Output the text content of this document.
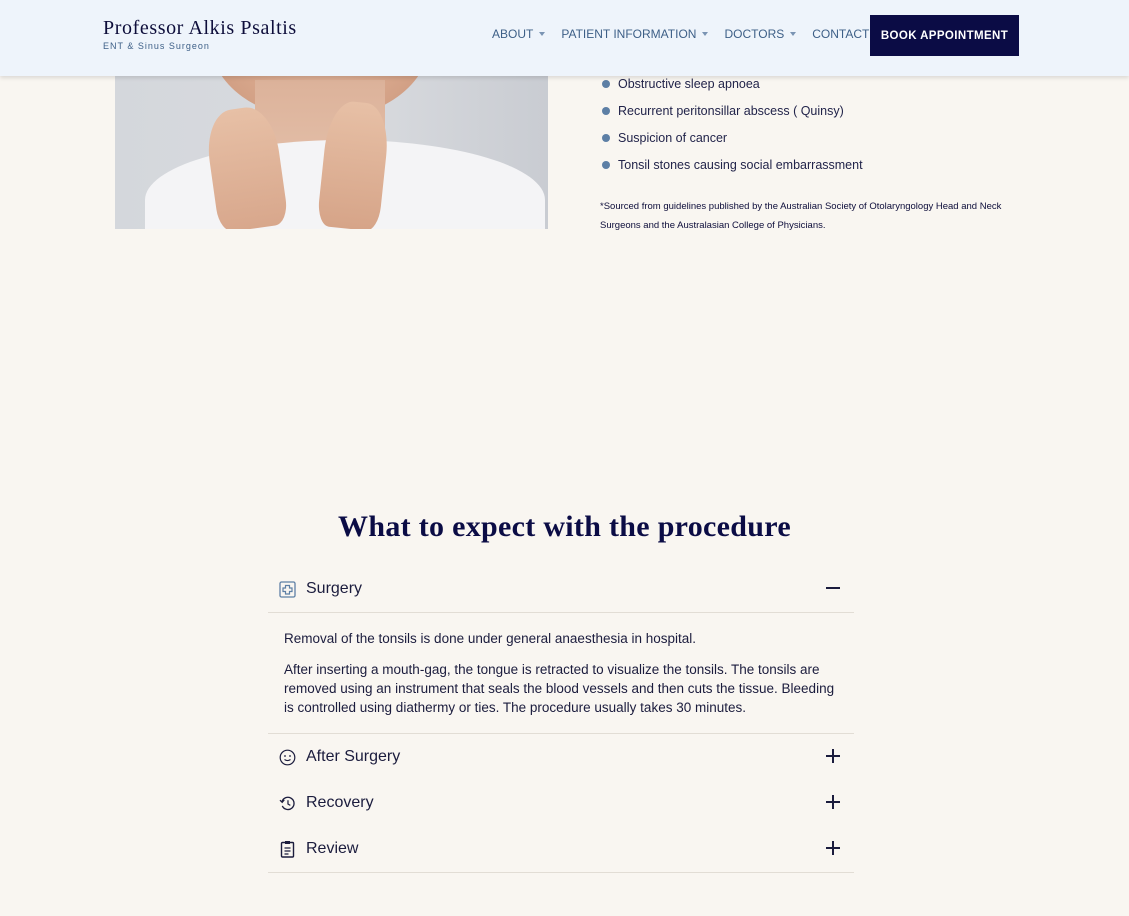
Professor Alkis Psaltis
ENT & Sinus Surgeon
ABOUT PATIENT INFORMATION DOCTORS CONTACT BOOK APPOINTMENT
Obstructive sleep apnoea
Recurrent peritonsillar abscess ( Quinsy)
Suspicion of cancer
Tonsil stones causing social embarrassment
*Sourced from guidelines published by the Australian Society of Otolaryngology Head and Neck Surgeons and the Australasian College of Physicians.
What to expect with the procedure
Surgery

Removal of the tonsils is done under general anaesthesia in hospital.

After inserting a mouth-gag, the tongue is retracted to visualize the tonsils. The tonsils are removed using an instrument that seals the blood vessels and then cuts the tissue. Bleeding is controlled using diathermy or ties. The procedure usually takes 30 minutes.

After Surgery
Recovery
Review
